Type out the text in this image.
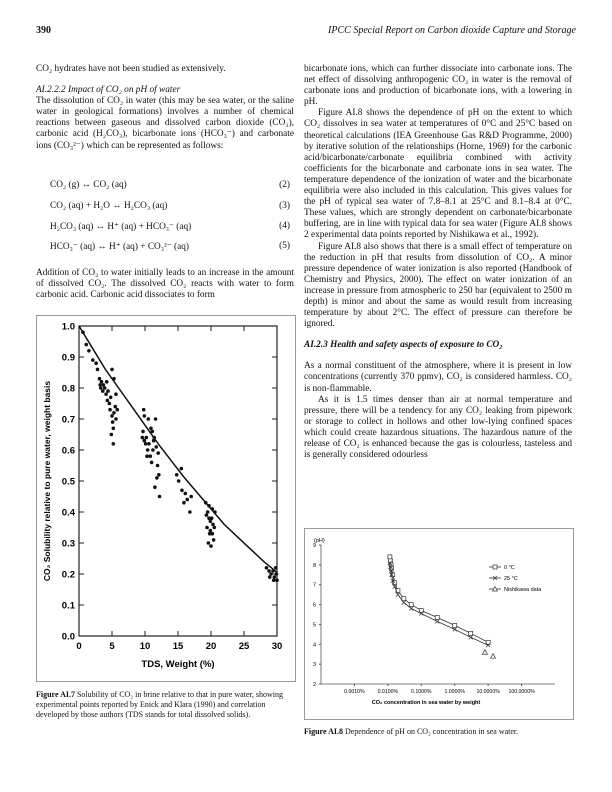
390	IPCC Special Report on Carbon dioxide Capture and Storage

CO₂ hydrates have not been studied as extensively.

AI.2.2.2 Impact of CO₂ on pH of water

The dissolution of CO₂ in water (this may be sea water, or the saline water in geological formations) involves a number of chemical reactions between gaseous and dissolved carbon dioxide (CO₂), carbonic acid (H₂CO₃), bicarbonate ions (HCO₃⁻) and carbonate ions (CO₃²⁻) which can be represented as follows:

CO₂ (g) ↔ CO₂ (aq)	(2)
CO₂ (aq) + H₂O ↔ H₂CO₃ (aq)	(3)
H₂CO₃ (aq) ↔ H⁺ (aq) + HCO₃⁻ (aq)	(4)
HCO₃⁻ (aq) ↔ H⁺ (aq) + CO₃²⁻ (aq)	(5)

Addition of CO₂ to water initially leads to an increase in the amount of dissolved CO₂. The dissolved CO₂ reacts with water to form carbonic acid. Carbonic acid dissociates to form

0.0
0.1
0.2
0.3
0.4
0.5
0.6
0.7
0.8
0.9
1.0
0	5	10 15 20 25 30
TDS, Weight (%)
CO₂ Solubility relative to pure water, weight basis
Figure AI.7 Solubility of CO₂ in brine relative to that in pure water, showing experimental points reported by Enick and Klara (1990) and correlation developed by those authors (TDS stands for total dissolved solids).

bicarbonate ions, which can further dissociate into carbonate ions. The net effect of dissolving anthropogenic CO₂ in water is the removal of carbonate ions and production of bicarbonate ions, with a lowering in pH.

Figure AI.8 shows the dependence of pH on the extent to which CO₂ dissolves in sea water at temperatures of 0°C and 25°C based on theoretical calculations (IEA Greenhouse Gas R&D Programme, 2000) by iterative solution of the relationships (Horne, 1969) for the carbonic acid/bicarbonate/carbonate equilibria combined with activity coefficients for the bicarbonate and carbonate ions in sea water. The temperature dependence of the ionization of water and the bicarbonate equilibria were also included in this calculation. This gives values for the pH of typical sea water of 7.8–8.1 at 25°C and 8.1–8.4 at 0°C. These values, which are strongly dependent on carbonate/bicarbonate buffering, are in line with typical data for sea water (Figure AI.8 shows 2 experimental data points reported by Nishikawa et al., 1992).

Figure AI.8 also shows that there is a small effect of temperature on the reduction in pH that results from dissolution of CO₂. A minor pressure dependence of water ionization is also reported (Handbook of Chemistry and Physics, 2000). The effect on water ionization of an increase in pressure from atmospheric to 250 bar (equivalent to 2500 m depth) is minor and about the same as would result from increasing temperature by about 2°C. The effect of pressure can therefore be ignored.

AI.2.3 Health and safety aspects of exposure to CO₂

As a normal constituent of the atmosphere, where it is present in low concentrations (currently 370 ppmv), CO₂ is considered harmless. CO₂ is non-flammable.

As it is 1.5 times denser than air at normal temperature and pressure, there will be a tendency for any CO₂ leaking from pipework or storage to collect in hollows and other low-lying confined spaces which could create hazardous situations. The hazardous nature of the release of CO₂ is enhanced because the gas is colourless, tasteless and is generally considered odourless

(pH)
2
3
4
5
6
7
8
9
0.0010% 0.0100% 0.1000% 1.0000% 10.0000% 100.0000%
CO₂ concentration in sea water by weight
0 °C
25 °C
Nishikawa data
Figure AI.8 Dependence of pH on CO₂ concentration in sea water.
